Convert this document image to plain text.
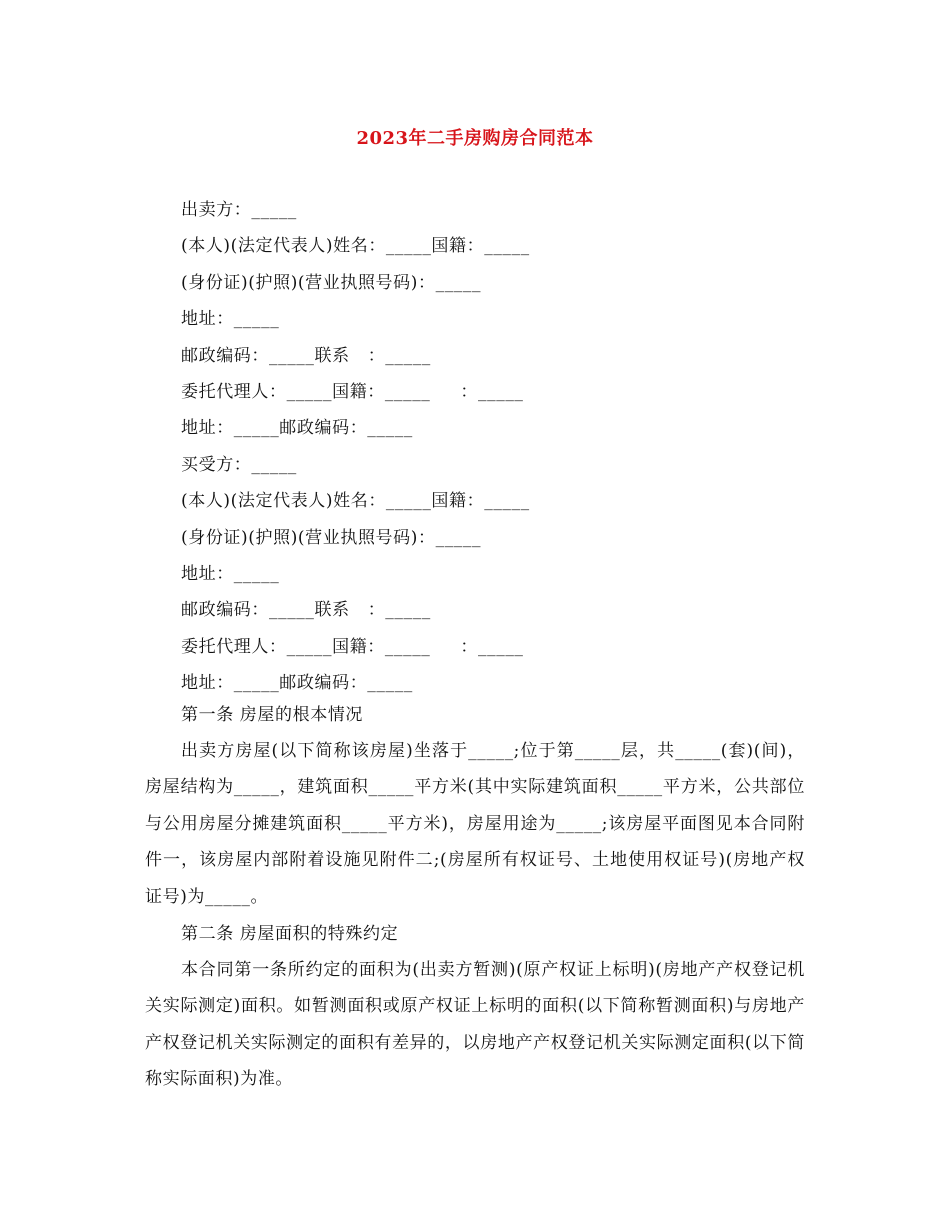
2023年二手房购房合同范本
出卖方：_____
(本人)(法定代表人)姓名：_____国籍：_____
(身份证)(护照)(营业执照号码)：_____
地址：_____
邮政编码：_____联系   ：_____
委托代理人：_____国籍：_____     ：_____
地址：_____邮政编码：_____
买受方：_____
(本人)(法定代表人)姓名：_____国籍：_____
(身份证)(护照)(营业执照号码)：_____
地址：_____
邮政编码：_____联系   ：_____
委托代理人：_____国籍：_____     ：_____
地址：_____邮政编码：_____

第一条 房屋的根本情况

出卖方房屋(以下简称该房屋)坐落于_____;位于第_____层，共_____(套)(间)，房屋结构为_____，建筑面积_____平方米(其中实际建筑面积_____平方米，公共部位与公用房屋分摊建筑面积_____平方米)，房屋用途为_____;该房屋平面图见本合同附件一，该房屋内部附着设施见附件二;(房屋所有权证号、土地使用权证号)(房地产权证号)为_____。

第二条 房屋面积的特殊约定

本合同第一条所约定的面积为(出卖方暂测)(原产权证上标明)(房地产产权登记机关实际测定)面积。如暂测面积或原产权证上标明的面积(以下简称暂测面积)与房地产产权登记机关实际测定的面积有差异的，以房地产产权登记机关实际测定面积(以下简称实际面积)为准。
